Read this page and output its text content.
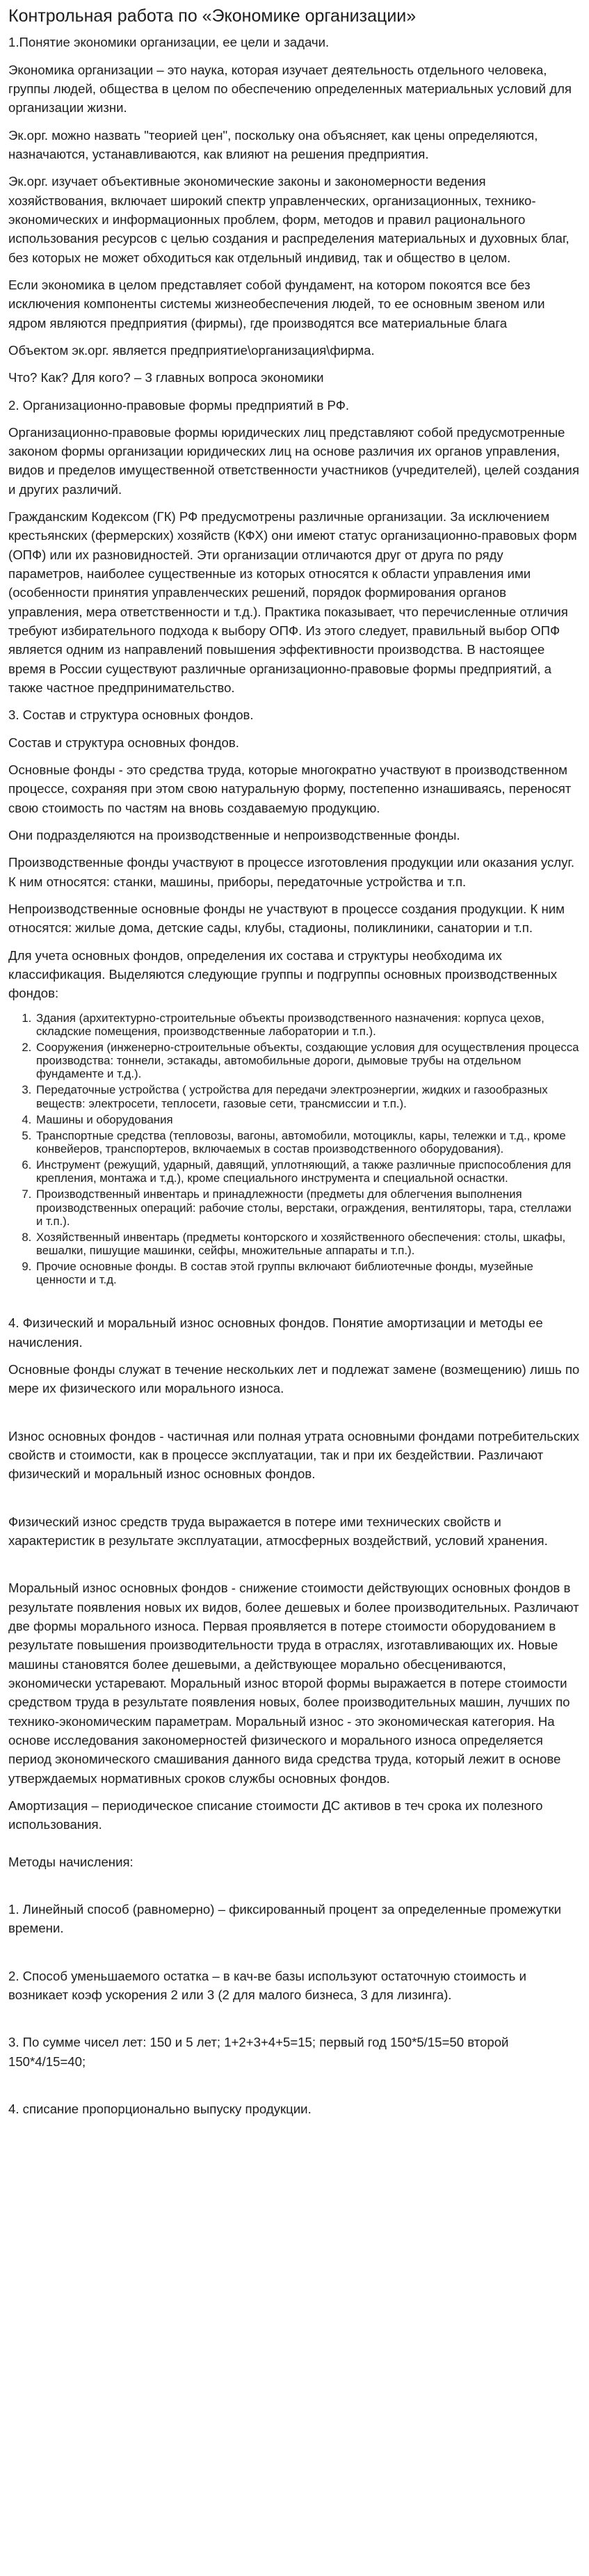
Контрольная работа по «Экономике организации»

1.Понятие экономики организации, ее цели и задачи.

Экономика организации – это наука, которая изучает деятельность отдельного человека, группы людей, общества в целом по обеспечению определенных материальных условий для организации жизни.

Эк.орг. можно назвать "теорией цен", поскольку она объясняет, как цены определяются, назначаются, устанавливаются, как влияют на решения предприятия.

Эк.орг. изучает объективные экономические законы и закономерности ведения хозяйствования, включает широкий спектр управленческих, организационных, технико-экономических и информационных проблем, форм, методов и правил рационального использования ресурсов с целью создания и распределения материальных и духовных благ, без которых не может обходиться как отдельный индивид, так и общество в целом.

Если экономика в целом представляет собой фундамент, на котором покоятся все без исключения компоненты системы жизнеобеспечения людей, то ее основным звеном или ядром являются предприятия (фирмы), где производятся все материальные блага

Объектом эк.орг. является предприятие\организация\фирма.

Что? Как? Для кого? – 3 главных вопроса экономики

2. Организационно-правовые формы предприятий в РФ.

Организационно-правовые формы юридических лиц представляют собой предусмотренные законом формы организации юридических лиц на основе различия их органов управления, видов и пределов имущественной ответственности участников (учредителей), целей создания и других различий.

Гражданским Кодексом (ГК) РФ предусмотрены различные организации. За исключением крестьянских (фермерских) хозяйств (КФХ) они имеют статус организационно-правовых форм (ОПФ) или их разновидностей. Эти организации отличаются друг от друга по ряду параметров, наиболее существенные из которых относятся к области управления ими (особенности принятия управленческих решений, порядок формирования органов управления, мера ответственности и т.д.). Практика показывает, что перечисленные отличия требуют избирательного подхода к выбору ОПФ. Из этого следует, правильный выбор ОПФ является одним из направлений повышения эффективности производства. В настоящее время в России существуют различные организационно-правовые формы предприятий, а также частное предпринимательство.

3. Состав и структура основных фондов.

Состав и структура основных фондов.

Основные фонды - это средства труда, которые многократно участвуют в производственном процессе, сохраняя при этом свою натуральную форму, постепенно изнашиваясь, переносят свою стоимость по частям на вновь создаваемую продукцию.

Они подразделяются на производственные и непроизводственные фонды.

Производственные фонды участвуют в процессе изготовления продукции или оказания услуг. К ним относятся: станки, машины, приборы, передаточные устройства и т.п.

Непроизводственные основные фонды не участвуют в процессе создания продукции. К ним относятся: жилые дома, детские сады, клубы, стадионы, поликлиники, санатории и т.п.

Для учета основных фондов, определения их состава и структуры необходима их классификация. Выделяются следующие группы и подгруппы основных производственных фондов:

1. Здания (архитектурно-строительные объекты производственного назначения: корпуса цехов, складские помещения, производственные лаборатории и т.п.).
2. Сооружения (инженерно-строительные объекты, создающие условия для осуществления процесса производства: тоннели, эстакады, автомобильные дороги, дымовые трубы на отдельном фундаменте и т.д.).
3. Передаточные устройства ( устройства для передачи электроэнергии, жидких и газообразных веществ: электросети, теплосети, газовые сети, трансмиссии и т.п.).
4. Машины и оборудования
5. Транспортные средства (тепловозы, вагоны, автомобили, мотоциклы, кары, тележки и т.д., кроме конвейеров, транспортеров, включаемых в состав производственного оборудования).
6. Инструмент (режущий, ударный, давящий, уплотняющий, а также различные приспособления для крепления, монтажа и т.д.), кроме специального инструмента и специальной оснастки.
7. Производственный инвентарь и принадлежности (предметы для облегчения выполнения производственных операций: рабочие столы, верстаки, ограждения, вентиляторы, тара, стеллажи и т.п.).
8. Хозяйственный инвентарь (предметы конторского и хозяйственного обеспечения: столы, шкафы, вешалки, пишущие машинки, сейфы, множительные аппараты и т.п.).
9. Прочие основные фонды. В состав этой группы включают библиотечные фонды, музейные ценности и т.д.

4. Физический и моральный износ основных фондов. Понятие амортизации и методы ее начисления.

Основные фонды служат в течение нескольких лет и подлежат замене (возмещению) лишь по мере их физического или морального износа.

Износ основных фондов - частичная или полная утрата основными фондами потребительских свойств и стоимости, как в процессе эксплуатации, так и при их бездействии. Различают физический и моральный износ основных фондов.

Физический износ средств труда выражается в потере ими технических свойств и характеристик в результате эксплуатации, атмосферных воздействий, условий хранения.

Моральный износ основных фондов - снижение стоимости действующих основных фондов в результате появления новых их видов, более дешевых и более производительных. Различают две формы морального износа. Первая проявляется в потере стоимости оборудованием в результате повышения производительности труда в отраслях, изготавливающих их. Новые машины становятся более дешевыми, а действующее моральнo обесцениваются, экономически устаревают. Моральный износ второй формы выражается в потере стоимости средством труда в результате появления новых, более производительных машин, лучших по технико-экономическим параметрам. Моральный износ - это экономическая категория. На основе исследования закономерностей физического и морального износа определяется период экономического смашивания данного вида средства труда, который лежит в основе утверждаемых нормативных сроков службы основных фондов.

Амортизация – периодическое списание стоимости ДС активов в теч срока их полезного использования.

Методы начисления:

1. Линейный способ (равномерно) – фиксированный процент за определенные промежутки времени.

2. Способ уменьшаемого остатка – в кач-ве базы используют остаточную стоимость и возникает коэф ускорения 2 или 3 (2 для малого бизнеса, 3 для лизинга).

3. По сумме чисел лет: 150 и 5 лет; 1+2+3+4+5=15; первый год 150*5/15=50 второй 150*4/15=40;

4. списание пропорционально выпуску продукции.
